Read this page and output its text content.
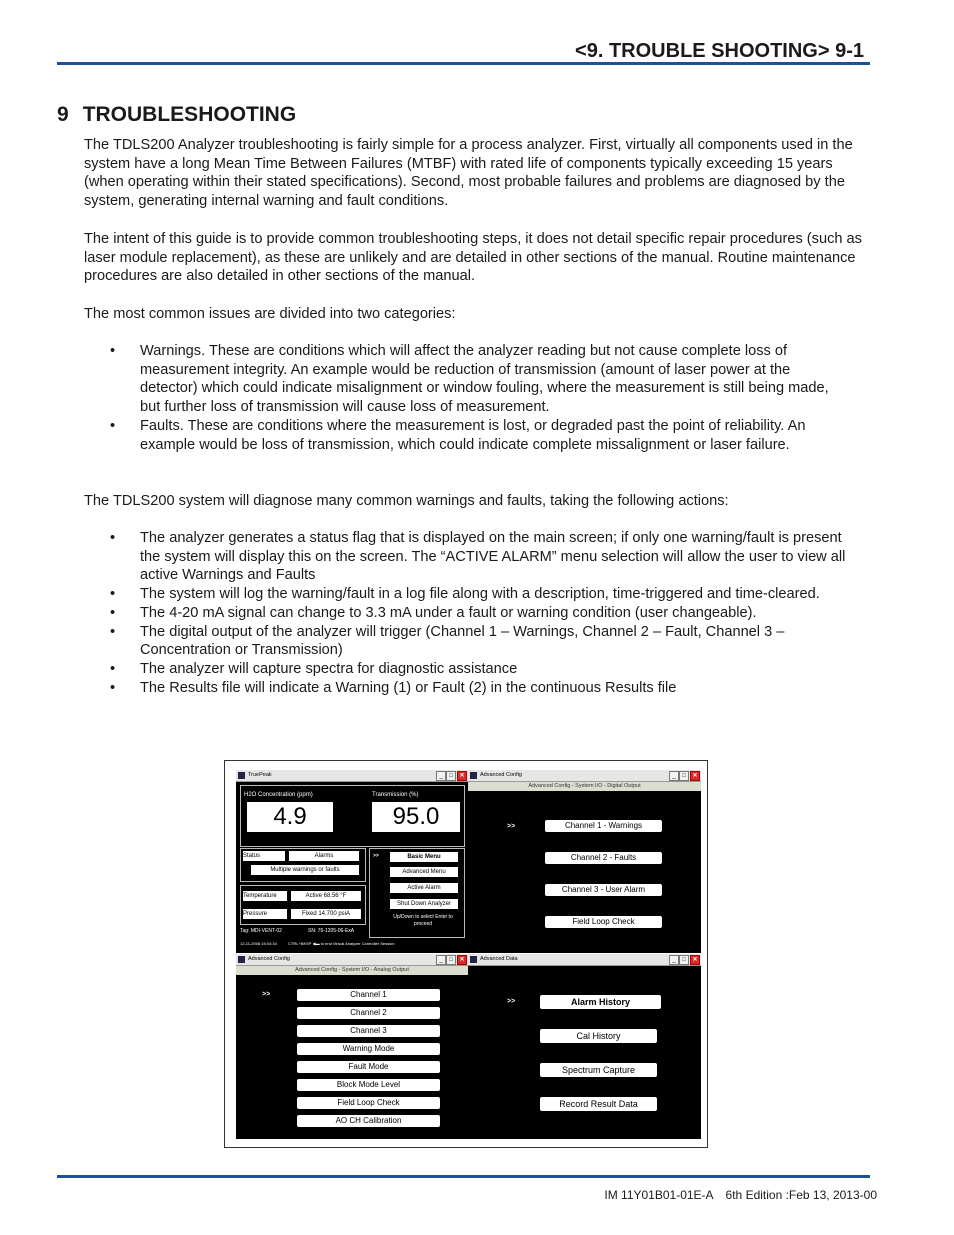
<9. TROUBLE SHOOTING> 9-1
9 TROUBLESHOOTING

The TDLS200 Analyzer troubleshooting is fairly simple for a process analyzer. First, virtually all components used in the system have a long Mean Time Between Failures (MTBF) with rated life of components typically exceeding 15 years (when operating within their stated specifications). Second, most probable failures and problems are diagnosed by the system, generating internal warning and fault conditions.

The intent of this guide is to provide common troubleshooting steps, it does not detail specific repair procedures (such as laser module replacement), as these are unlikely and are detailed in other sections of the manual. Routine maintenance procedures are also detailed in other sections of the manual.

The most common issues are divided into two categories:

• Warnings. These are conditions which will affect the analyzer reading but not cause complete loss of measurement integrity. An example would be reduction of transmission (amount of laser power at the detector) which could indicate misalignment or window fouling, where the measurement is still being made, but further loss of transmission will cause loss of measurement.
• Faults. These are conditions where the measurement is lost, or degraded past the point of reliability. An example would be loss of transmission, which could indicate complete missalignment or laser failure.

The TDLS200 system will diagnose many common warnings and faults, taking the following actions:

• The analyzer generates a status flag that is displayed on the main screen; if only one warning/fault is present the system will display this on the screen. The “ACTIVE ALARM” menu selection will allow the user to view all active Warnings and Faults
• The system will log the warning/fault in a log file along with a description, time-triggered and time-cleared.
• The 4-20 mA signal can change to 3.3 mA under a fault or warning condition (user changeable).
• The digital output of the analyzer will trigger (Channel 1 – Warnings, Channel 2 – Fault, Channel 3 – Concentration or Transmission)
• The analyzer will capture spectra for diagnostic assistance
• The Results file will indicate a Warning (1) or Fault (2) in the continuous Results file
TruePeak	_	□	✕
H2O Concentration (ppm)
4.9
Transmission (%)
95.0
Status	Alarms
Multiple warnings or faults
Temperature	Active 68.56 °F
Pressure	Fixed 14.700 psiA
>>	Basic Menu
Advanced Menu
Active Alarm
Shut Down Analyzer
Up/Down to select Enter to proceed
Tag: MDI-VENT-02	SN: 76-1205-06-ExA
12-11-2008 15:04:34	CTRL+BKSP ◀▬ to end Virtual Analyzer Controller Session
Advanced Config	_	□	✕
Advanced Config - System I/O - Digital Output
>>	Channel 1 - Warnings
Channel 2 - Faults
Channel 3 - User Alarm
Field Loop Check
Advanced Config	_	□	✕
Advanced Config - System I/O - Analog Output
>>	Channel 1
Channel 2
Channel 3
Warning Mode
Fault Mode
Block Mode Level
Field Loop Check
AO CH Calibration
Advanced Data	_	□	✕
>>	Alarm History
Cal History
Spectrum Capture
Record Result Data
IM 11Y01B01-01E-A 6th Edition :Feb 13, 2013-00
